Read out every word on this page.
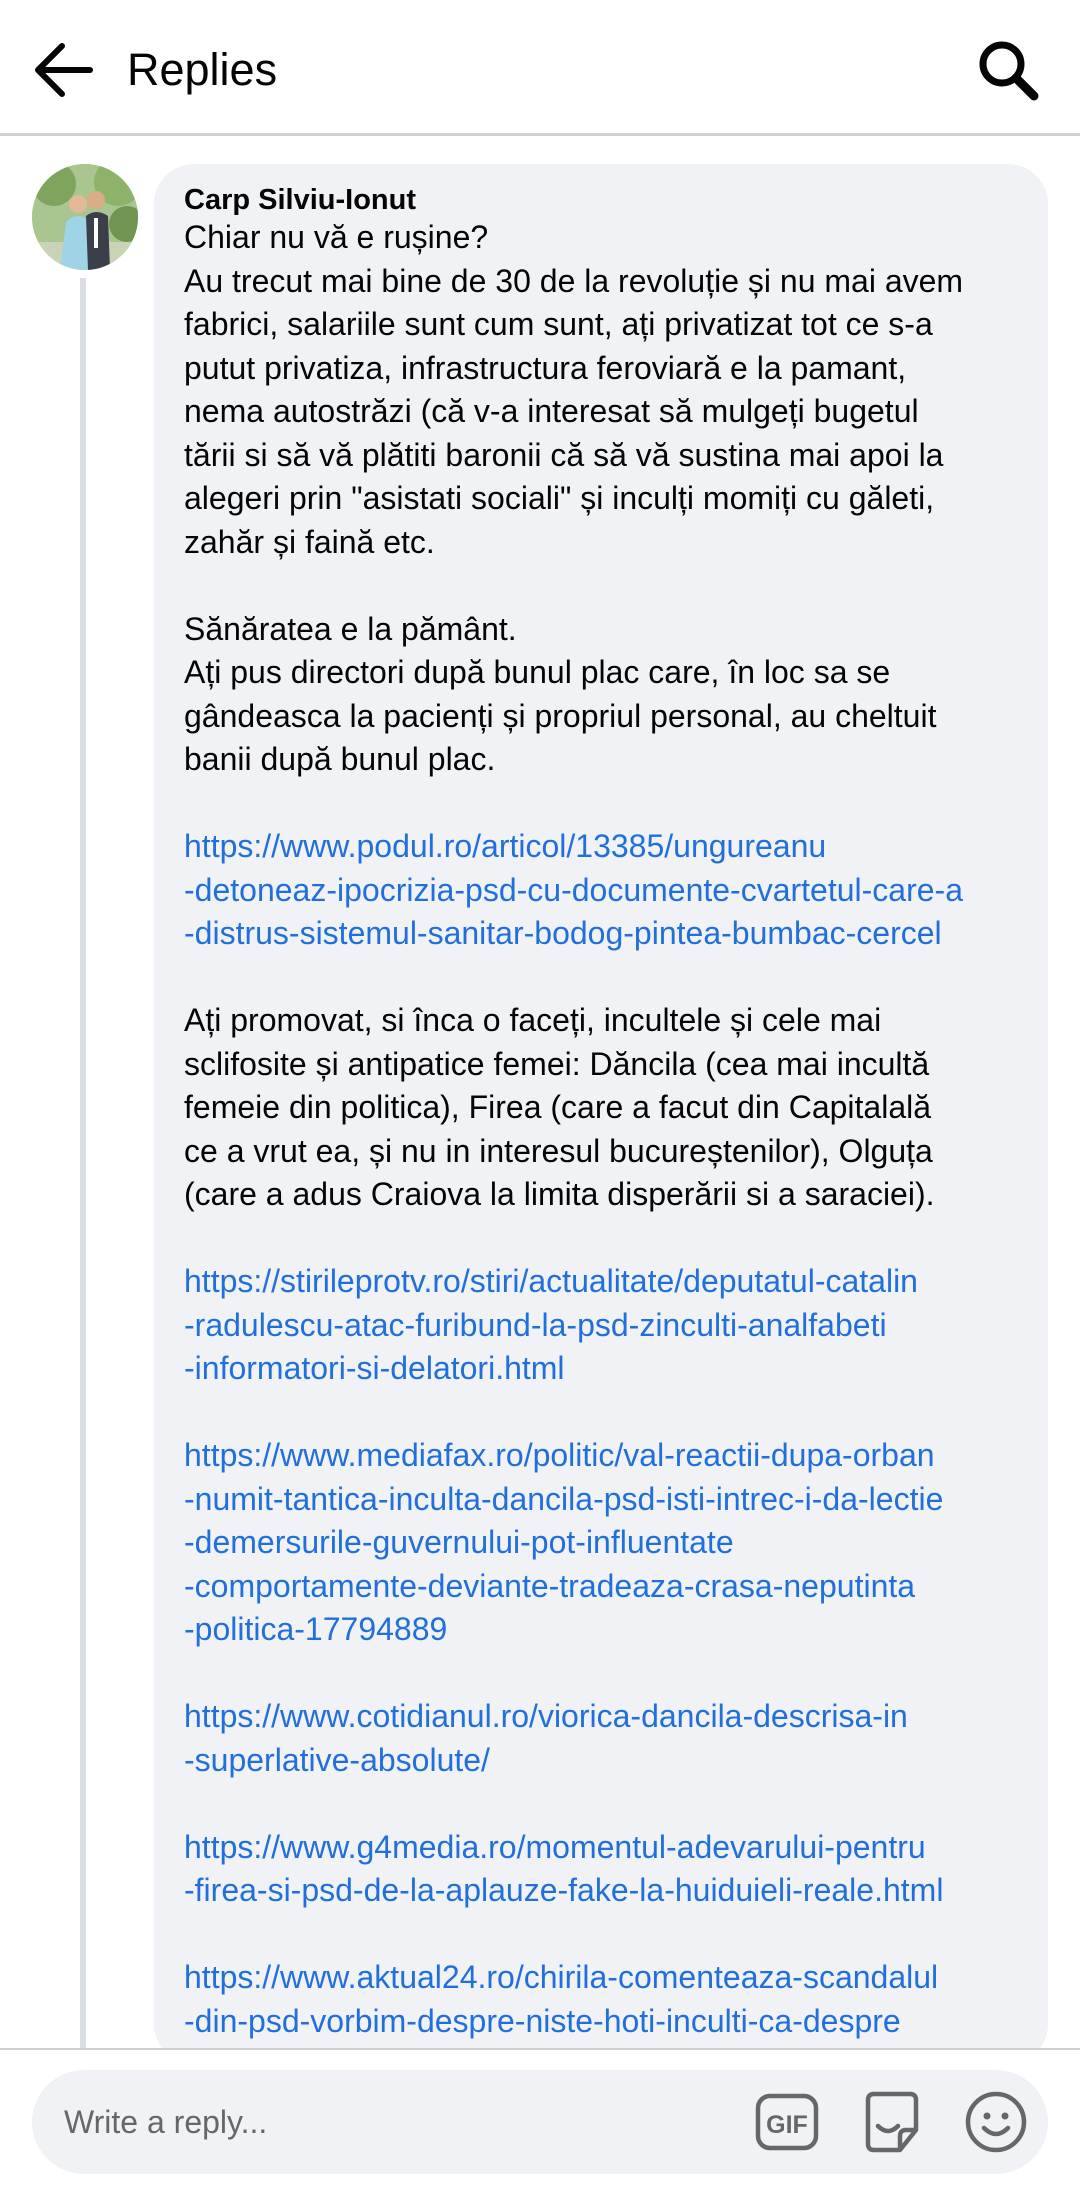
Replies
Carp Silviu-Ionut

Chiar nu vă e rușine?
Au trecut mai bine de 30 de la revoluție și nu mai avem
fabrici, salariile sunt cum sunt, ați privatizat tot ce s-a
putut privatiza, infrastructura feroviară e la pamant,
nema autostrăzi (că v-a interesat să mulgeți bugetul
tării si să vă plătiti baronii că să vă sustina mai apoi la
alegeri prin "asistati sociali" și inculți momiți cu găleti,
zahăr și faină etc.

Sănăratea e la pământ.
Ați pus directori după bunul plac care, în loc sa se
gândeasca la pacienți și propriul personal, au cheltuit
banii după bunul plac.

https://www.podul.ro/articol/13385/ungureanu
-detoneaz-ipocrizia-psd-cu-documente-cvartetul-care-a
-distrus-sistemul-sanitar-bodog-pintea-bumbac-cercel

Ați promovat, si înca o faceți, incultele și cele mai
sclifosite și antipatice femei: Dăncila (cea mai incultă
femeie din politica), Firea (care a facut din Capitalală
ce a vrut ea, și nu in interesul bucureștenilor), Olguța
(care a adus Craiova la limita disperării si a saraciei).

https://stirileprotv.ro/stiri/actualitate/deputatul-catalin
-radulescu-atac-furibund-la-psd-zinculti-analfabeti
-informatori-si-delatori.html
https://www.mediafax.ro/politic/val-reactii-dupa-orban
-numit-tantica-inculta-dancila-psd-isti-intrec-i-da-lectie
-demersurile-guvernului-pot-influentate
-comportamente-deviante-tradeaza-crasa-neputinta
-politica-17794889
https://www.cotidianul.ro/viorica-dancila-descrisa-in
-superlative-absolute/
https://www.g4media.ro/momentul-adevarului-pentru
-firea-si-psd-de-la-aplauze-fake-la-huiduieli-reale.html
https://www.aktual24.ro/chirila-comenteaza-scandalul
-din-psd-vorbim-despre-niste-hoti-inculti-ca-despre
Write a reply...	GIF
